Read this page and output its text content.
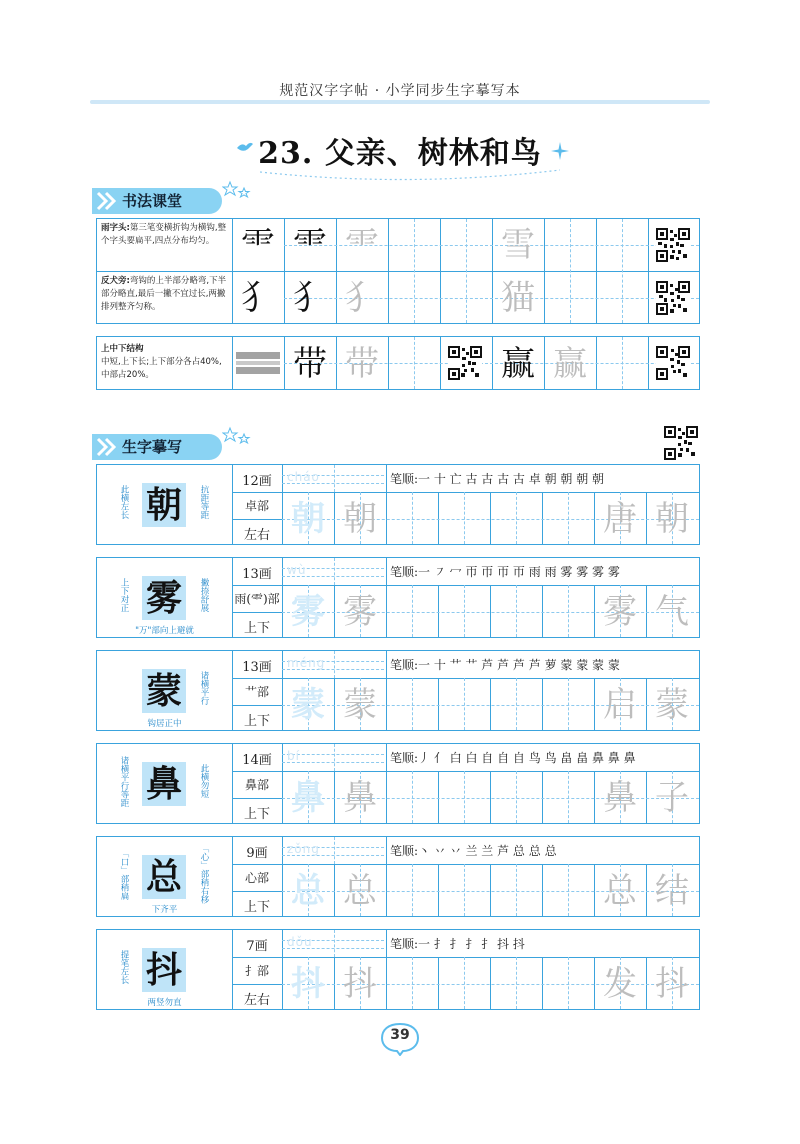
规范汉字字帖 · 小学同步生字摹写本
23. 父亲、树林和鸟
书法课堂
雨字头:第三笔变横折钩为横钩,整个字头要扁平,四点分布均匀。 ⻗ ⻗ ⻗	雪
反犬旁:弯钩的上半部分略弯,下半部分略直,最后一撇不宜过长,两撇排列整齐匀称。	犭 犭 犭	猫
上中下结构
中短,上下长;上下部分各占40%,中部占20%。	带 带	赢 赢
生字摹写
朝
此横左长	抗距等距
12画
卓部
左右
cháo	笔顺:一 十 亡 古 古 古 古 卓 朝 朝 朝 朝
朝 朝	唐 朝
雾
上下对正	撇捺舒展
"万"部向上避就
13画
雨(⻗)部
上下
wù	笔顺:一 ㇇ 冖 帀 帀 帀 帀 雨 雨 雾 雾 雾 雾
雾 雾	雾 气
蒙	诸横平行
钩居正中
13画
艹部
上下
méng	笔顺:一 十 艹 艹 芦 芦 芦 芦 萝 蒙 蒙 蒙 蒙
蒙 蒙	启 蒙
鼻
诸横平行等距	此横勿短
14画
鼻部
上下
bí	笔顺:丿 亻 白 白 自 自 自 鸟 鸟 畠 畠 鼻 鼻 鼻
鼻 鼻	鼻 子
总
「口」部稍扁	「心」部稍右移
下齐平
9画
心部
上下
zǒng	笔顺:丶 丷 丷 兰 兰 芦 总 总 总
总 总	总 结
抖
提笔左长
两竖勿直
7画
扌部
左右
dǒu	笔顺:一 扌 扌 扌 扌 抖 抖
抖 抖	发 抖
39
